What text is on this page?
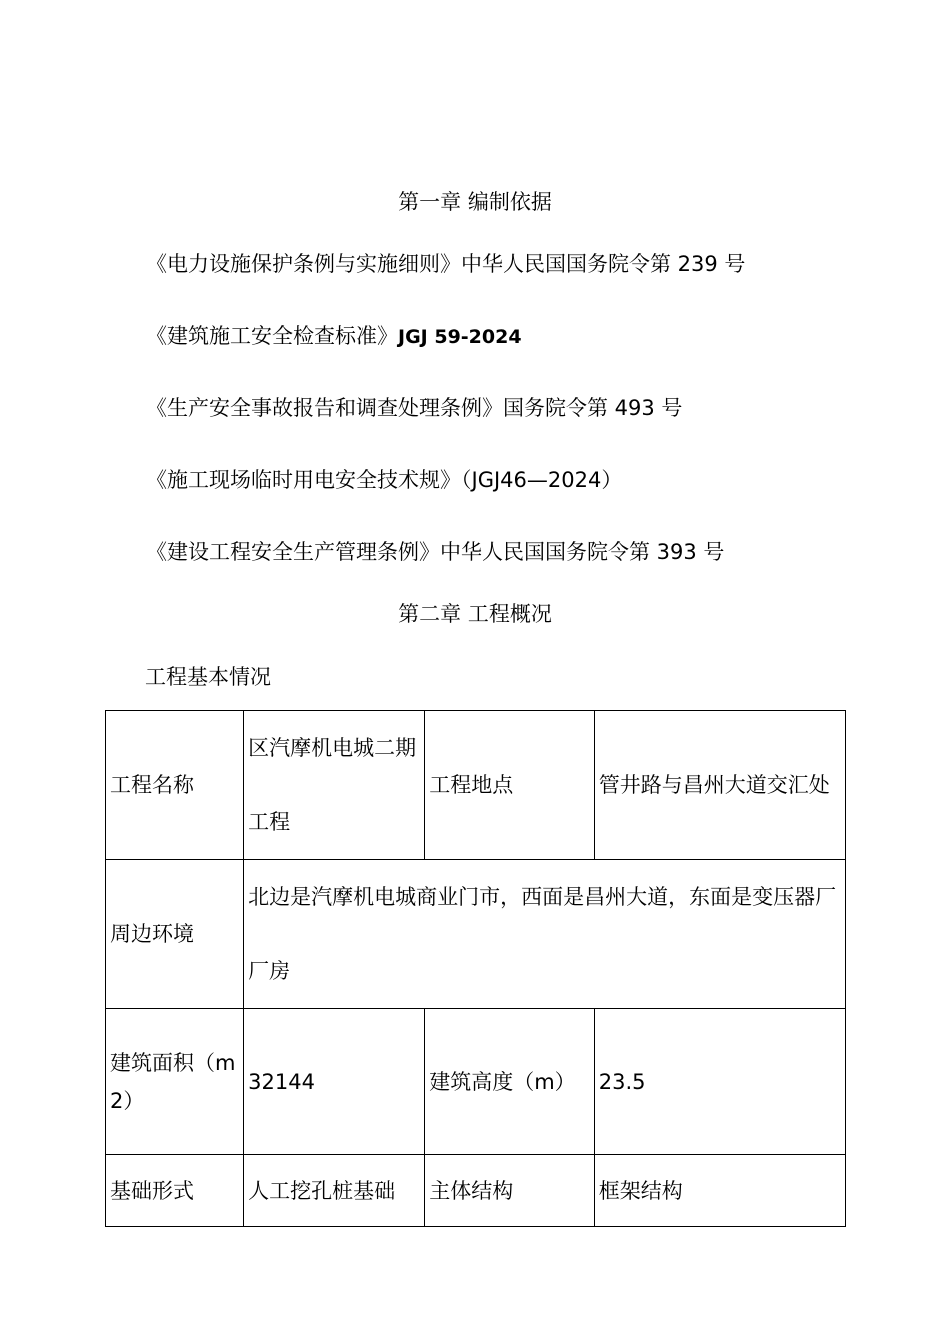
第一章 编制依据
《电力设施保护条例与实施细则》中华人民国国务院令第 239 号
《建筑施工安全检查标准》JGJ 59-2024
《生产安全事故报告和调查处理条例》国务院令第 493 号
《施工现场临时用电安全技术规》（JGJ46—2024）
《建设工程安全生产管理条例》中华人民国国务院令第 393 号
第二章 工程概况
工程基本情况
工程名称	区汽摩机电城二期工程	工程地点	管井路与昌州大道交汇处
周边环境	北边是汽摩机电城商业门市，西面是昌州大道，东面是变压器厂厂房		
建筑面积（m2）	32144	建筑高度（m）	23.5
基础形式	人工挖孔桩基础	主体结构	框架结构
